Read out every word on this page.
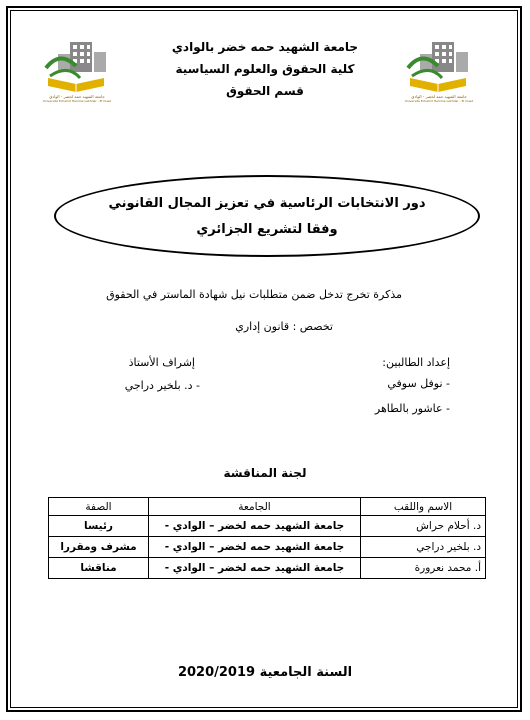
جامعة الشهيد حمه لخضر - الوادي
Université Echahid Hamma Lakhdar - El Oued
جامعة الشهيد حمه لخضر - الوادي
Université Echahid Hamma Lakhdar - El Oued
جامعة الشهيد حمه خضر بالوادي
كلية الحقوق والعلوم السياسية
قسم الحقوق
دور الانتخابات الرئاسية في تعزيز المجال القانوني
وفقا لتشريع الجزائري
مذكرة تخرج تدخل ضمن متطلبات نيل شهادة الماستر في الحقوق
تخصص : قانون إداري
إعداد الطالبين:
- نوفل سوفي
- عاشور بالطاهر
إشراف الأستاذ
- د. بلخير دراجي
لجنة المناقشة
الاسم واللقب	الجامعة	الصفة
د. أحلام حراش	جامعة الشهيد حمه لخضر – الوادي -	رئيسا
د. بلخير دراجي	جامعة الشهيد حمه لخضر – الوادي -	مشرف ومقررا
أ. محمد نعرورة	جامعة الشهيد حمه لخضر – الوادي -	مناقشا
السنة الجامعية 2020/2019
